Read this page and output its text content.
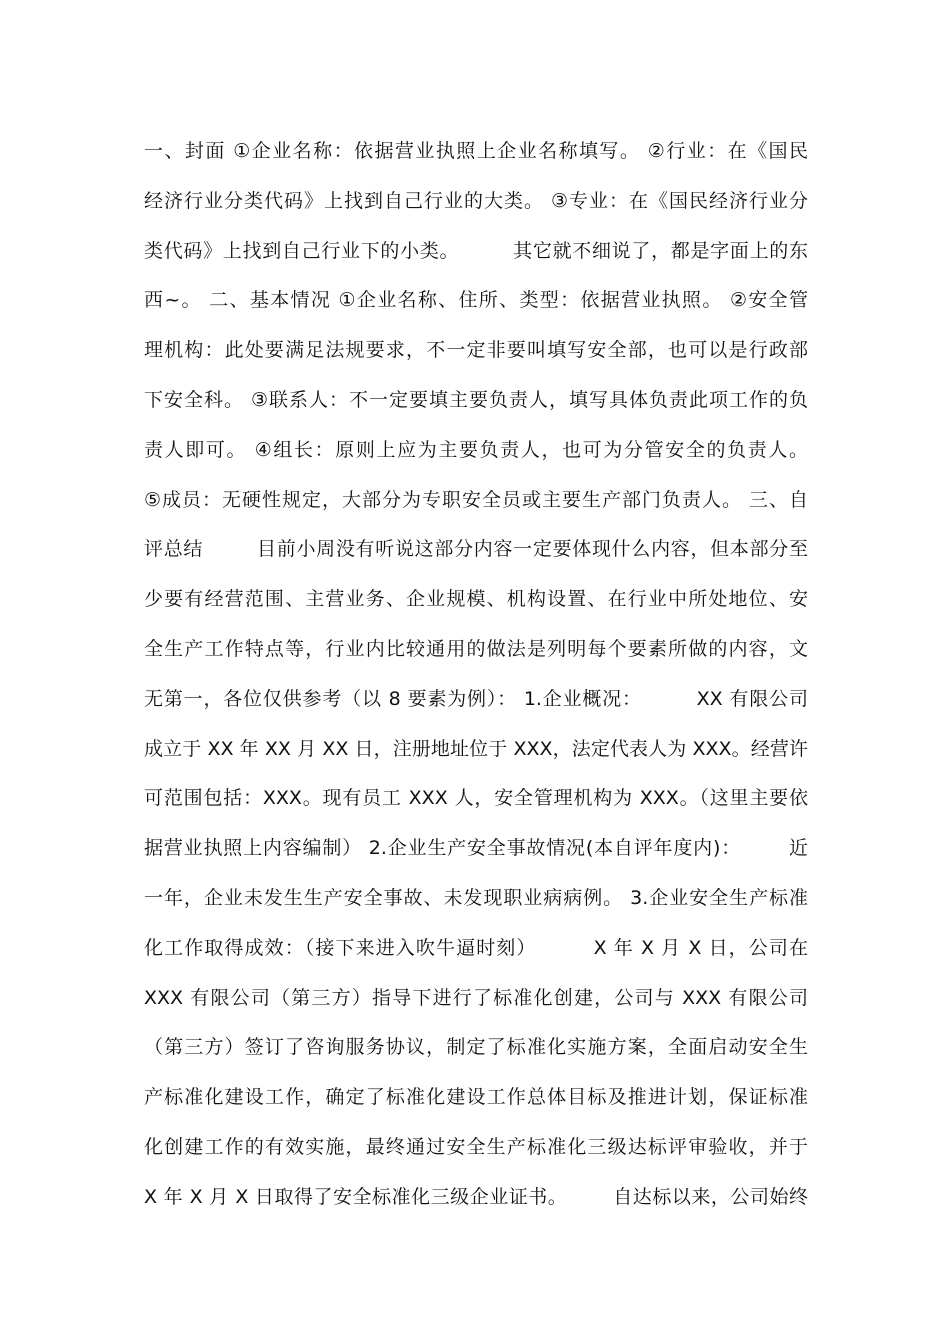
一、封面 ①企业名称：依据营业执照上企业名称填写。 ②行业：在《国民
经济行业分类代码》上找到自己行业的大类。 ③专业：在《国民经济行业分
类代码》上找到自己行业下的小类。        其它就不细说了，都是字面上的东
西~。 二、基本情况 ①企业名称、住所、类型：依据营业执照。 ②安全管
理机构：此处要满足法规要求，不一定非要叫填写安全部，也可以是行政部
下安全科。 ③联系人：不一定要填主要负责人，填写具体负责此项工作的负
责人即可。 ④组长：原则上应为主要负责人，也可为分管安全的负责人。
⑤成员：无硬性规定，大部分为专职安全员或主要生产部门负责人。 三、自
评总结        目前小周没有听说这部分内容一定要体现什么内容，但本部分至
少要有经营范围、主营业务、企业规模、机构设置、在行业中所处地位、安
全生产工作特点等，行业内比较通用的做法是列明每个要素所做的内容，文
无第一，各位仅供参考（以 8 要素为例）： 1.企业概况：        XX 有限公司
成立于 XX 年 XX 月 XX 日，注册地址位于 XXX，法定代表人为 XXX。经营许
可范围包括：XXX。现有员工 XXX 人，安全管理机构为 XXX。（这里主要依
据营业执照上内容编制） 2.企业生产安全事故情况(本自评年度内)：       近
一年，企业未发生生产安全事故、未发现职业病病例。 3.企业安全生产标准
化工作取得成效：（接下来进入吹牛逼时刻）        X 年 X 月 X 日，公司在
XXX 有限公司（第三方）指导下进行了标准化创建，公司与 XXX 有限公司
（第三方）签订了咨询服务协议，制定了标准化实施方案，全面启动安全生
产标准化建设工作，确定了标准化建设工作总体目标及推进计划，保证标准
化创建工作的有效实施，最终通过安全生产标准化三级达标评审验收，并于
X 年 X 月 X 日取得了安全标准化三级企业证书。       自达标以来，公司始终
